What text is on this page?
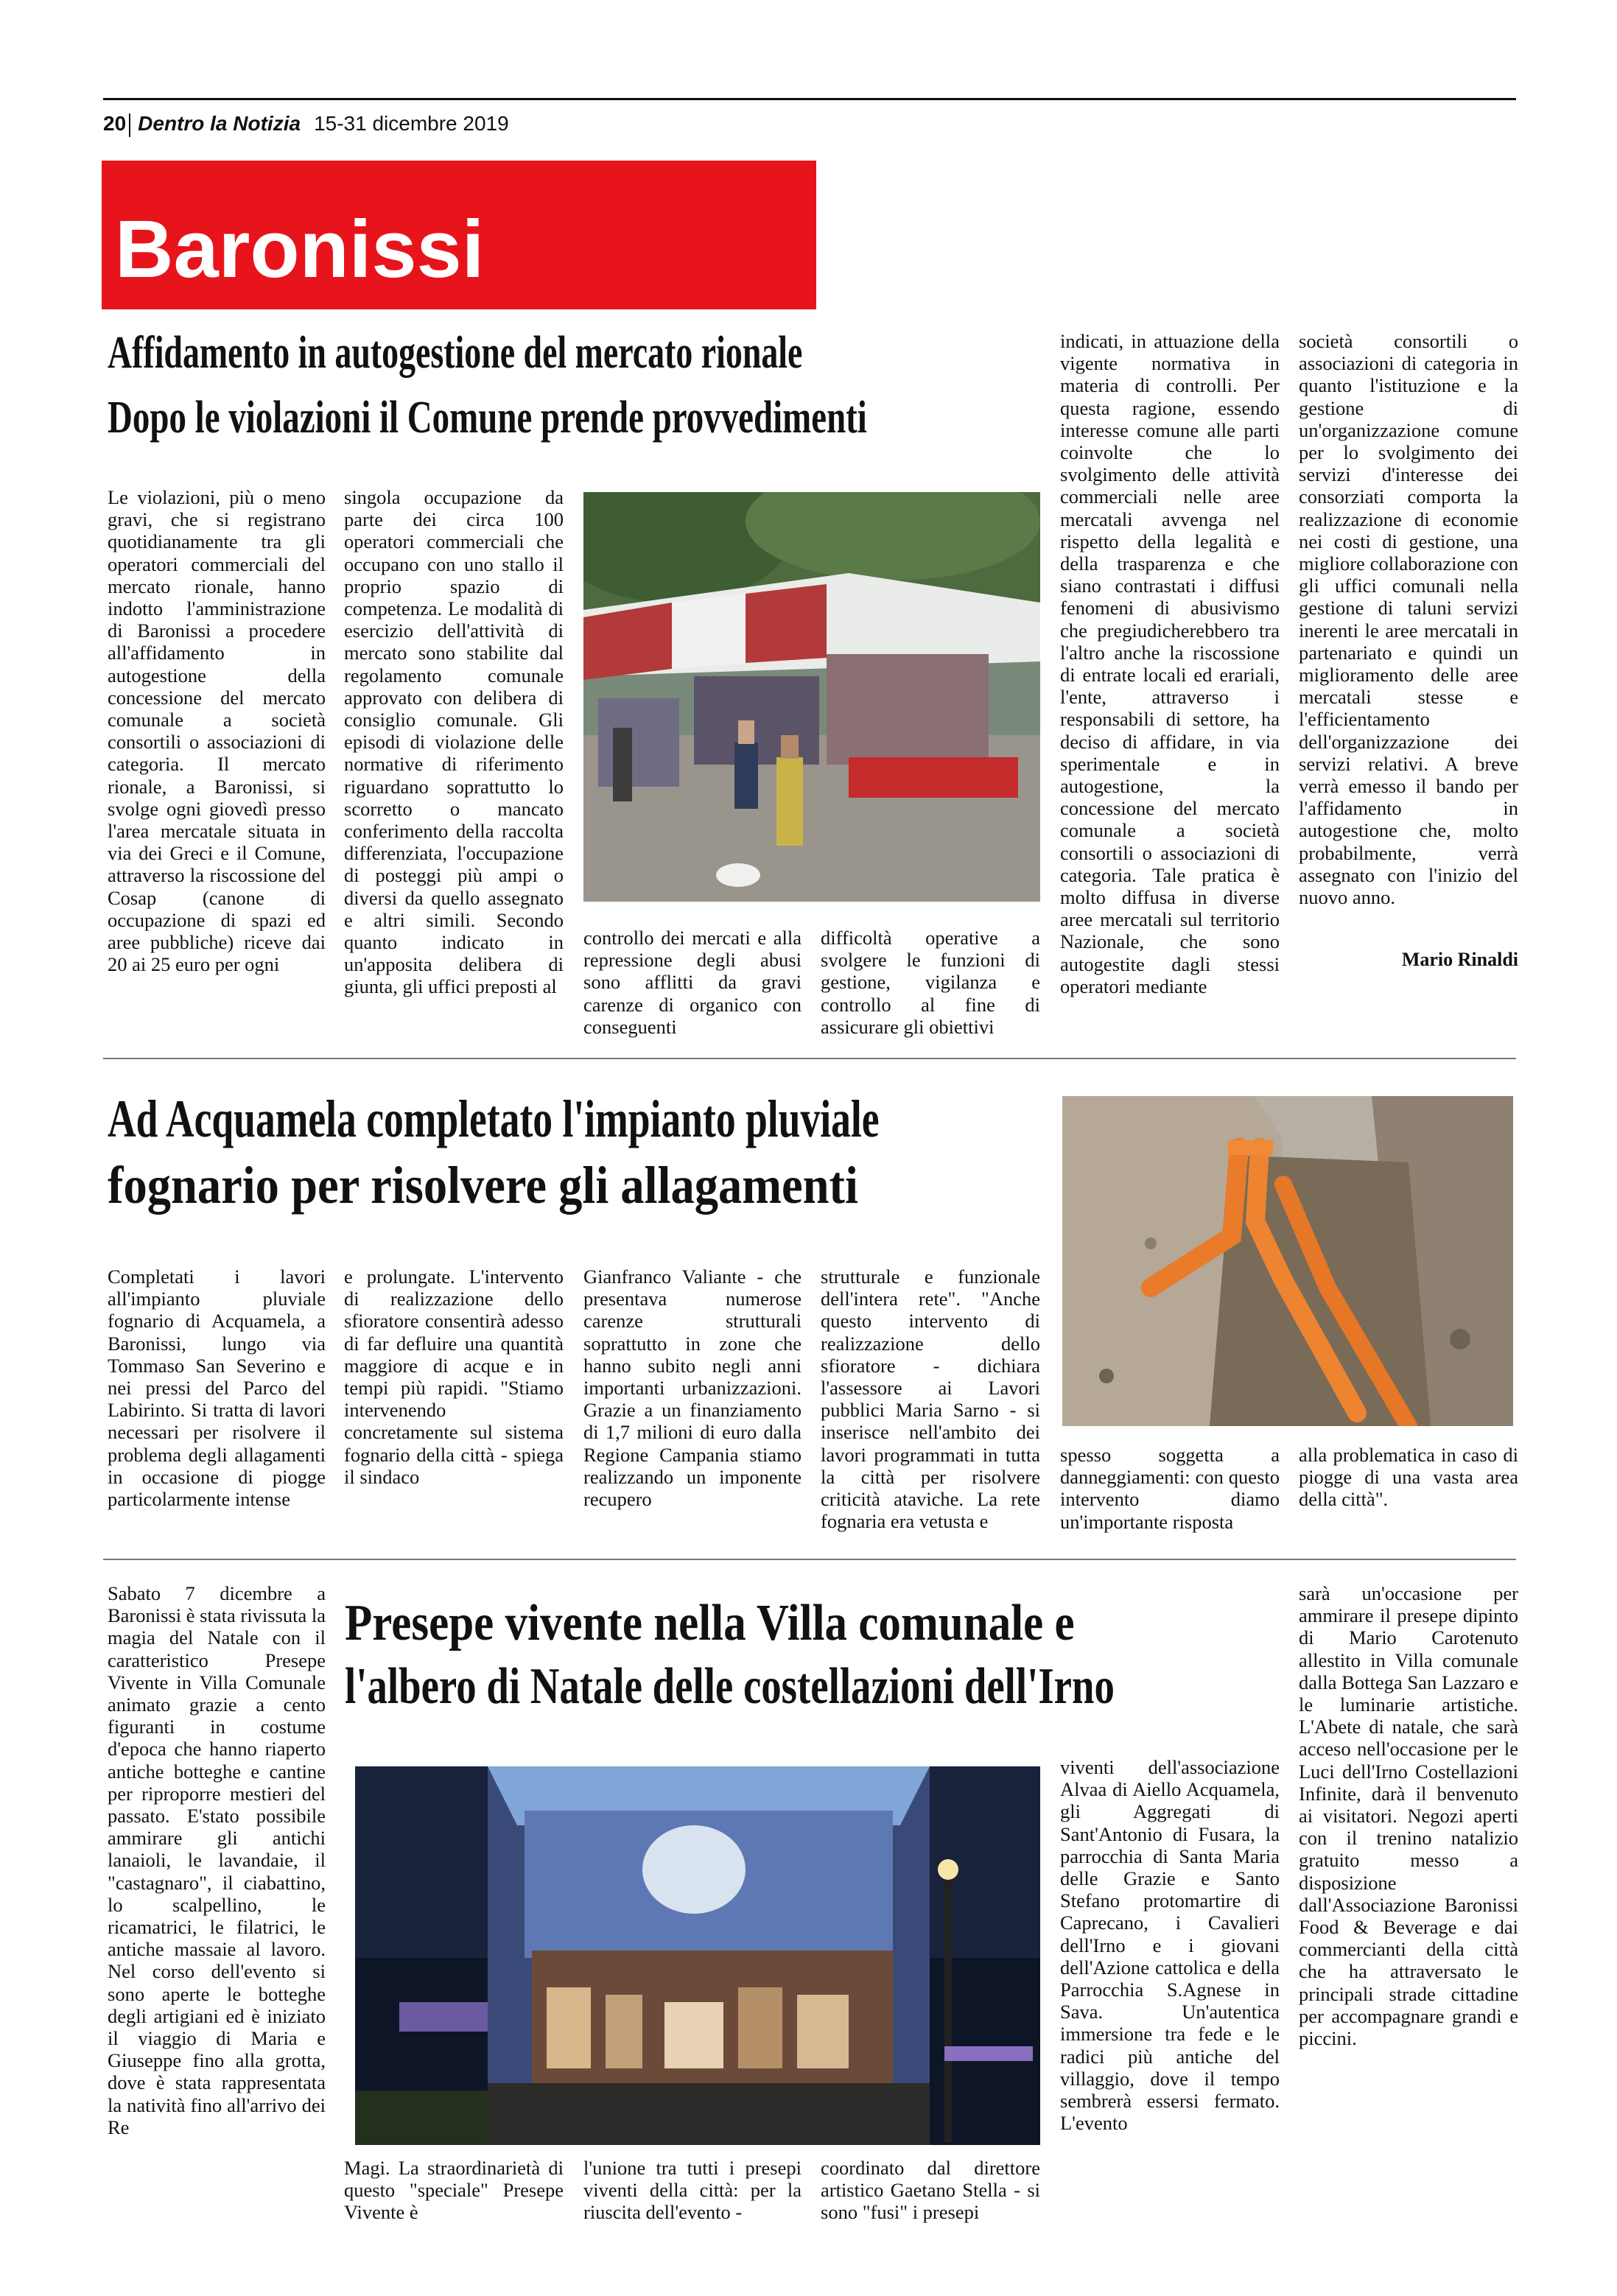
20 Dentro la Notizia 15-31 dicembre 2019
Baronissi
Affidamento in autogestione del mercato rionale
Dopo le violazioni il Comune prende provvedimenti

Le violazioni, più o meno gravi, che si registrano quotidianamente tra gli operatori commerciali del mercato rionale, hanno indotto l'amministrazione di Baronissi a procedere all'affidamento in autogestione della concessione del mercato comunale a società consortili o associazioni di categoria. Il mercato rionale, a Baronissi, si svolge ogni giovedì presso l'area mercatale situata in via dei Greci e il Comune, attraverso la riscossione del Cosap (canone di occupazione di spazi ed aree pubbliche) riceve dai 20 ai 25 euro per ogni

singola occupazione da parte dei circa 100 operatori commerciali che occupano con uno stallo il proprio spazio di competenza. Le modalità di esercizio dell'attività di mercato sono stabilite dal regolamento comunale approvato con delibera di consiglio comunale. Gli episodi di violazione delle normative di riferimento riguardano soprattutto lo scorretto o mancato conferimento della raccolta differenziata, l'occupazione di posteggi più ampi o diversi da quello assegnato e altri simili. Secondo quanto indicato in un'apposita delibera di giunta, gli uffici preposti al

controllo dei mercati e alla repressione degli abusi sono afflitti da gravi carenze di organico con conseguenti

difficoltà operative a svolgere le funzioni di gestione, vigilanza e controllo al fine di assicurare gli obiettivi

indicati, in attuazione della vigente normativa in materia di controlli. Per questa ragione, essendo interesse comune alle parti coinvolte che lo svolgimento delle attività commerciali nelle aree mercatali avvenga nel rispetto della legalità e della trasparenza e che siano contrastati i diffusi fenomeni di abusivismo che pregiudicherebbero tra l'altro anche la riscossione di entrate locali ed erariali, l'ente, attraverso i responsabili di settore, ha deciso di affidare, in via sperimentale e in autogestione, la concessione del mercato comunale a società consortili o associazioni di categoria. Tale pratica è molto diffusa in diverse aree mercatali sul territorio Nazionale, che sono autogestite dagli stessi operatori mediante

società consortili o associazioni di categoria in quanto l'istituzione e la gestione di un'organizzazione comune per lo svolgimento dei servizi d'interesse dei consorziati comporta la realizzazione di economie nei costi di gestione, una migliore collaborazione con gli uffici comunali nella gestione di taluni servizi inerenti le aree mercatali in partenariato e quindi un miglioramento delle aree mercatali stesse e l'efficientamento dell'organizzazione dei servizi relativi. A breve verrà emesso il bando per l'affidamento in autogestione che, molto probabilmente, verrà assegnato con l'inizio del nuovo anno.

Mario Rinaldi
Ad Acquamela completato l'impianto pluviale
fognario per risolvere gli allagamenti

Completati i lavori all'impianto pluviale fognario di Acquamela, a Baronissi, lungo via Tommaso San Severino e nei pressi del Parco del Labirinto. Si tratta di lavori necessari per risolvere il problema degli allagamenti in occasione di piogge particolarmente intense

e prolungate. L'intervento di realizzazione dello sfioratore consentirà adesso di far defluire una quantità maggiore di acque e in tempi più rapidi. "Stiamo intervenendo concretamente sul sistema fognario della città - spiega il sindaco

Gianfranco Valiante - che presentava numerose carenze strutturali soprattutto in zone che hanno subito negli anni importanti urbanizzazioni. Grazie a un finanziamento di 1,7 milioni di euro dalla Regione Campania stiamo realizzando un imponente recupero

strutturale e funzionale dell'intera rete". "Anche questo intervento di realizzazione dello sfioratore - dichiara l'assessore ai Lavori pubblici Maria Sarno - si inserisce nell'ambito dei lavori programmati in tutta la città per risolvere criticità ataviche. La rete fognaria era vetusta e

spesso soggetta a danneggiamenti: con questo intervento diamo un'importante risposta

alla problematica in caso di piogge di una vasta area della città".

Sabato 7 dicembre a Baronissi è stata rivissuta la magia del Natale con il caratteristico Presepe Vivente in Villa Comunale animato grazie a cento figuranti in costume d'epoca che hanno riaperto antiche botteghe e cantine per riproporre mestieri del passato. E'stato possibile ammirare gli antichi lanaioli, le lavandaie, il "castagnaro", il ciabattino, lo scalpellino, le ricamatrici, le filatrici, le antiche massaie al lavoro. Nel corso dell'evento si sono aperte le botteghe degli artigiani ed è iniziato il viaggio di Maria e Giuseppe fino alla grotta, dove è stata rappresentata la natività fino all'arrivo dei Re

Presepe vivente nella Villa comunale e
l'albero di Natale delle costellazioni dell'Irno

Magi. La straordinarietà di questo "speciale" Presepe Vivente è

l'unione tra tutti i presepi viventi della città: per la riuscita dell'evento -

coordinato dal direttore artistico Gaetano Stella - si sono "fusi" i presepi

viventi dell'associazione Alvaa di Aiello Acquamela, gli Aggregati di Sant'Antonio di Fusara, la parrocchia di Santa Maria delle Grazie e Santo Stefano protomartire di Caprecano, i Cavalieri dell'Irno e i giovani dell'Azione cattolica e della Parrocchia S.Agnese in Sava. Un'autentica immersione tra fede e le radici più antiche del villaggio, dove il tempo sembrerà essersi fermato. L'evento

sarà un'occasione per ammirare il presepe dipinto di Mario Carotenuto allestito in Villa comunale dalla Bottega San Lazzaro e le luminarie artistiche. L'Abete di natale, che sarà acceso nell'occasione per le Luci dell'Irno Costellazioni Infinite, darà il benvenuto ai visitatori. Negozi aperti con il trenino natalizio gratuito messo a disposizione dall'Associazione Baronissi Food & Beverage e dai commercianti della città che ha attraversato le principali strade cittadine per accompagnare grandi e piccini.
